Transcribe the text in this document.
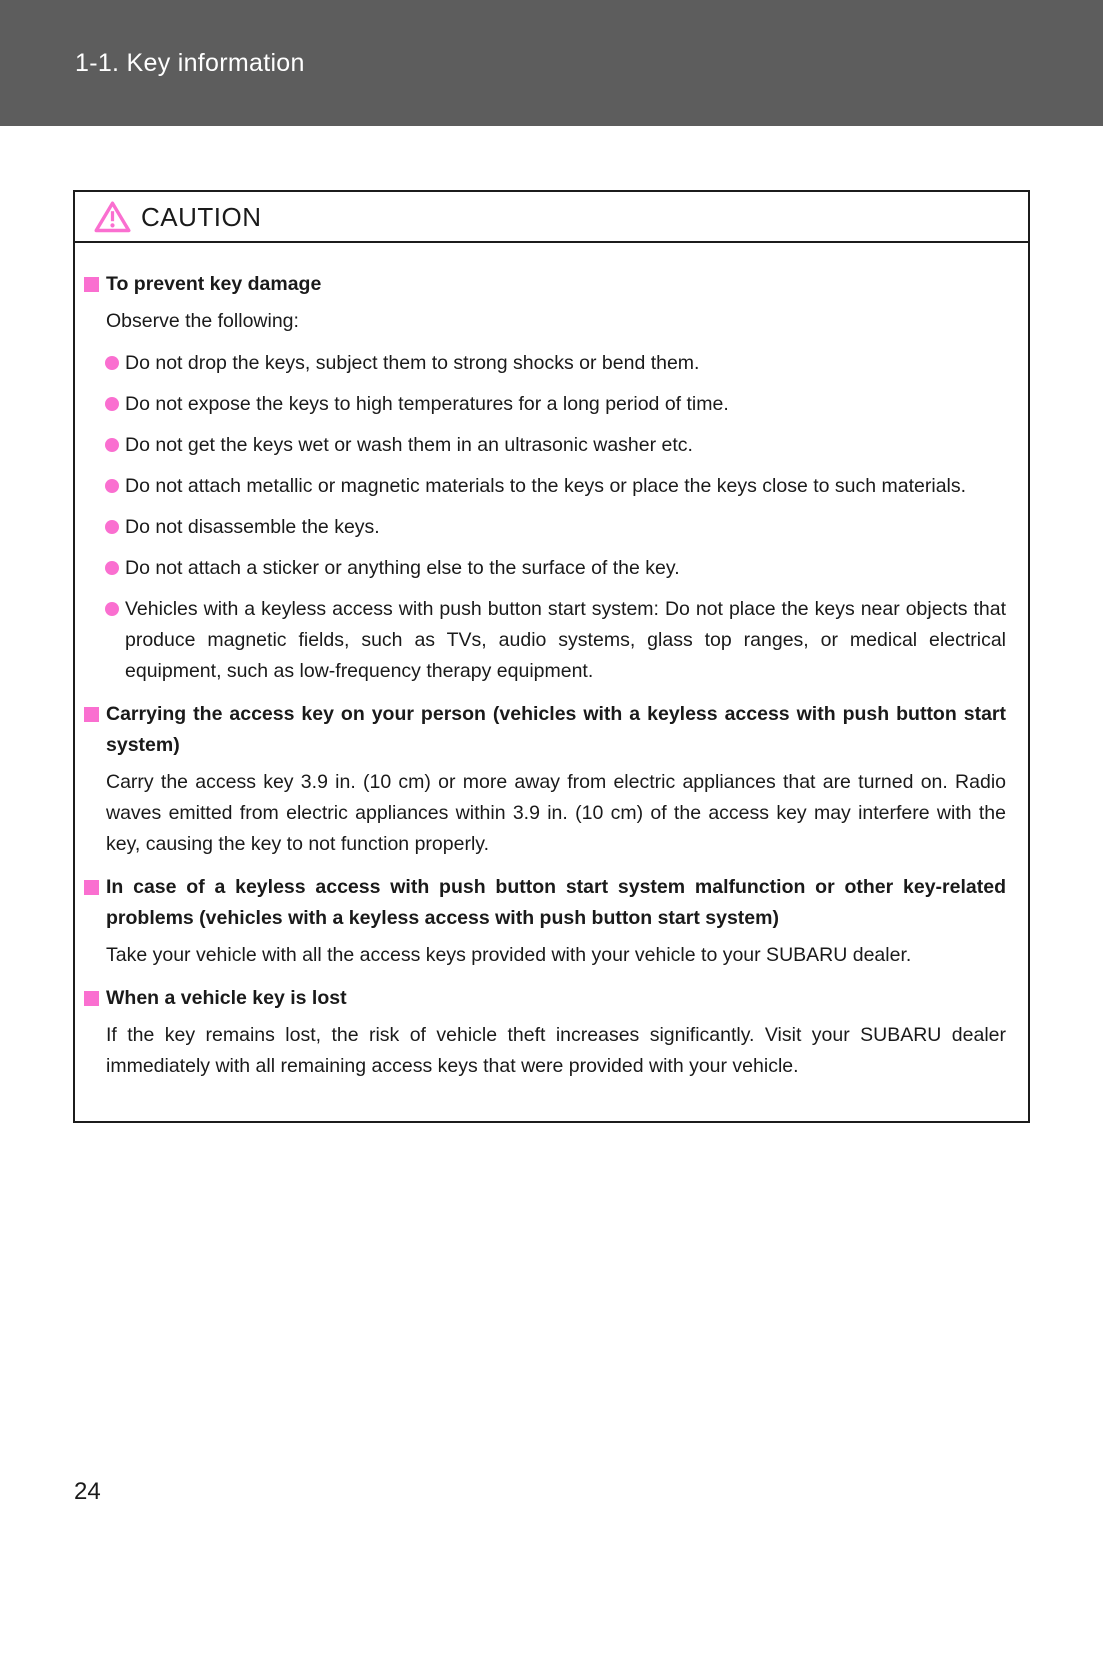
1-1. Key information
CAUTION
To prevent key damage

Observe the following:

Do not drop the keys, subject them to strong shocks or bend them.
Do not expose the keys to high temperatures for a long period of time.
Do not get the keys wet or wash them in an ultrasonic washer etc.
Do not attach metallic or magnetic materials to the keys or place the keys close to such materials.
Do not disassemble the keys.
Do not attach a sticker or anything else to the surface of the key.
Vehicles with a keyless access with push button start system: Do not place the keys near objects that produce magnetic fields, such as TVs, audio systems, glass top ranges, or medical electrical equipment, such as low-frequency therapy equipment.
Carrying the access key on your person (vehicles with a keyless access with push button start system)

Carry the access key 3.9 in. (10 cm) or more away from electric appliances that are turned on. Radio waves emitted from electric appliances within 3.9 in. (10 cm) of the access key may interfere with the key, causing the key to not function properly.

In case of a keyless access with push button start system malfunction or other key-related problems (vehicles with a keyless access with push button start system)

Take your vehicle with all the access keys provided with your vehicle to your SUBARU dealer.

When a vehicle key is lost

If the key remains lost, the risk of vehicle theft increases significantly. Visit your SUBARU dealer immediately with all remaining access keys that were provided with your vehicle.

24
